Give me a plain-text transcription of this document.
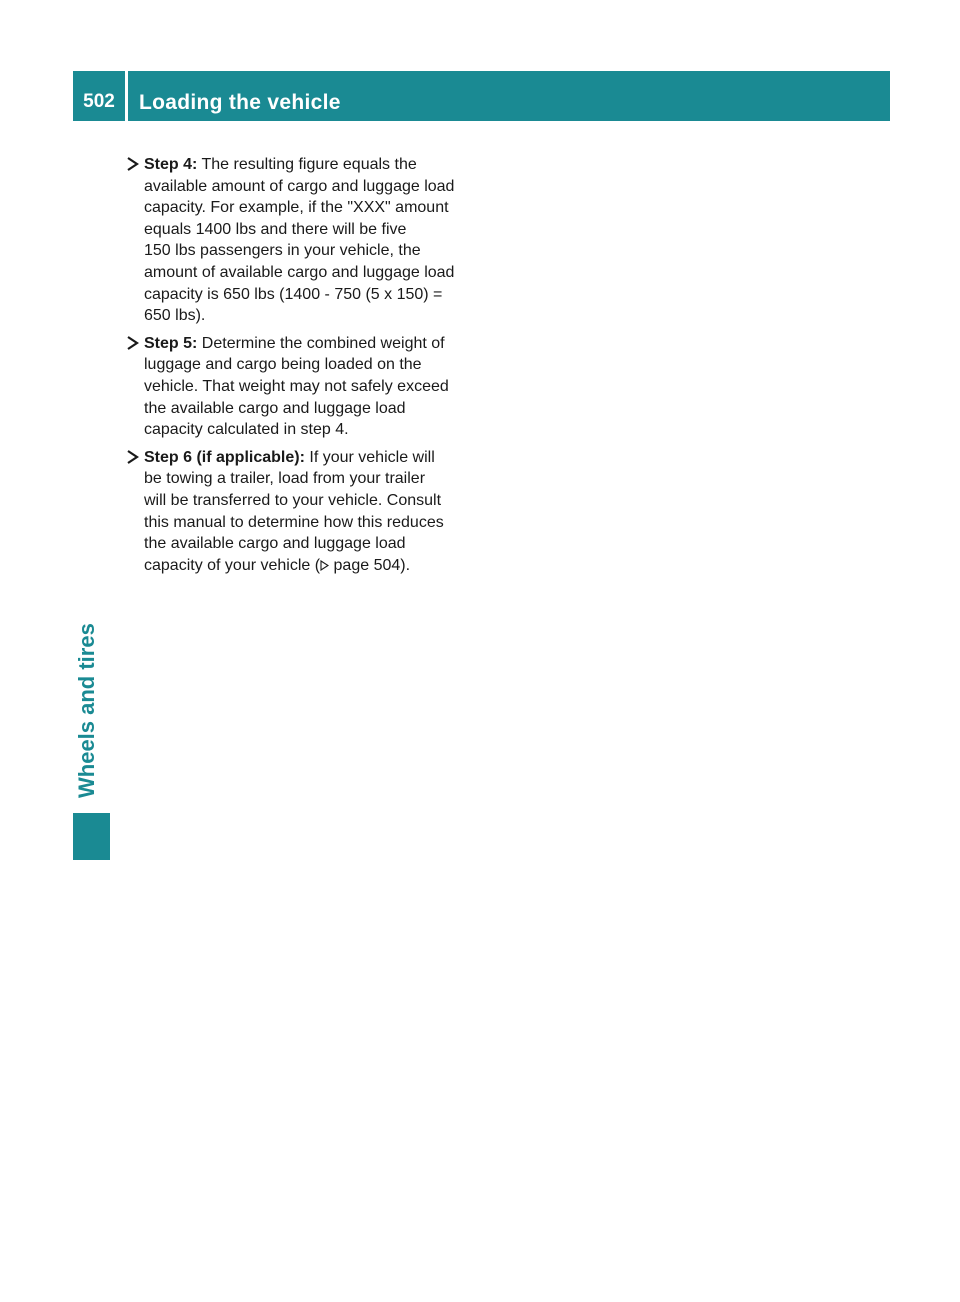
502	Loading the vehicle
Wheels and tires

Step 4: The resulting figure equals the
available amount of cargo and luggage load
capacity. For example, if the "XXX" amount
equals 1400 lbs and there will be five
150 lbs passengers in your vehicle, the
amount of available cargo and luggage load
capacity is 650 lbs (1400 - 750 (5 x 150) =
650 lbs).

Step 5: Determine the combined weight of
luggage and cargo being loaded on the
vehicle. That weight may not safely exceed
the available cargo and luggage load
capacity calculated in step 4.

Step 6 (if applicable): If your vehicle will
be towing a trailer, load from your trailer
will be transferred to your vehicle. Consult
this manual to determine how this reduces
the available cargo and luggage load
capacity of your vehicle ( page 504).
